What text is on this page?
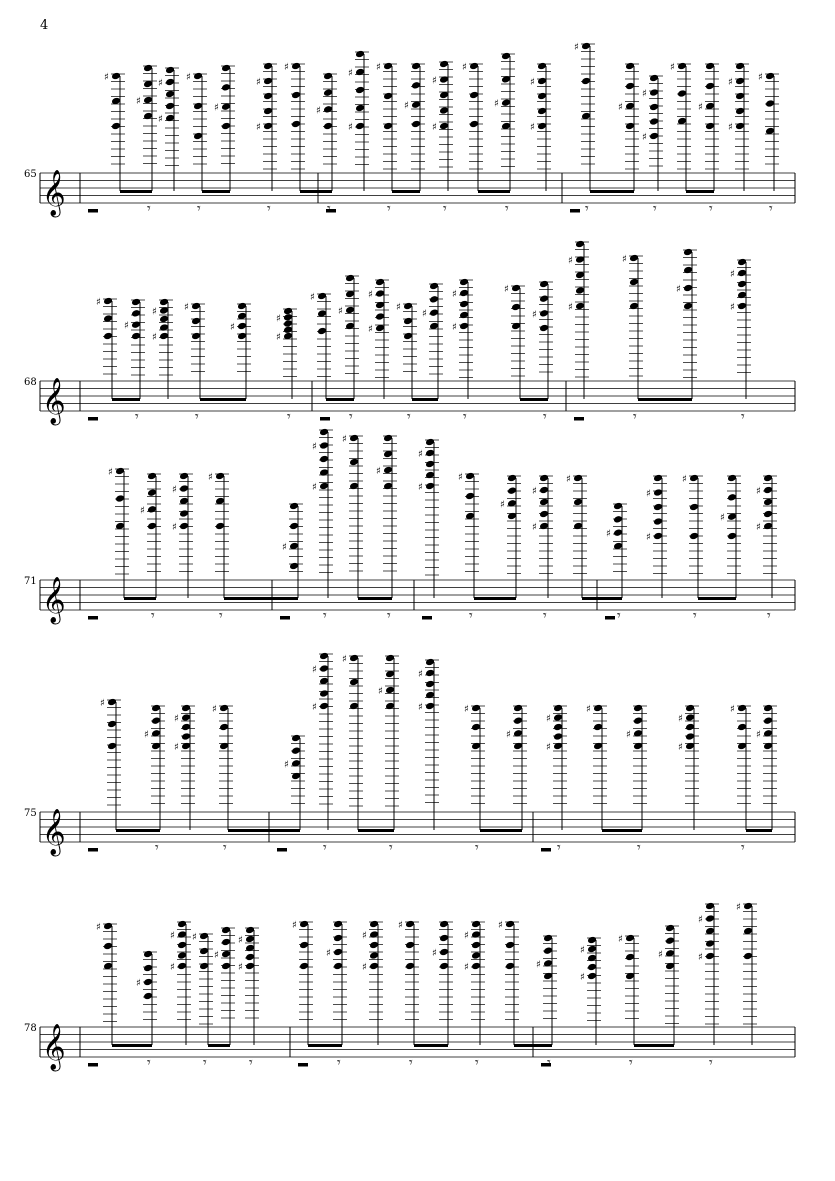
4
65
68
71
75
78
𝄞
♯
♯
𝄾
♯
♯
♯
𝄾
♯
♯
♯
𝄾
♯
♯
♯
♯
♯
𝄾
♯
♯
♯
𝄾
♯
♯
𝄾
♯
♯
♯
𝄾
♯
♯
♯
𝄾
♯
♯
𝄾
♯
♯
♯
𝄾
𝄞
♯
♯
𝄾
♯
♯
♯
𝄾
♯
♯
♯
𝄾
♯
♯
𝄾
♯
♯
♯
𝄾
♯
♯
♯
𝄾
♯
♯
𝄾
♯
♯
♯
𝄾
♯
♯
♯
𝄾
𝄞
♯
♯
𝄾
♯
♯
♯
𝄾
♯
♯
♯
𝄾
♯
♯
𝄾
♯
♯
♯
𝄾
♯
♯
♯
𝄾
♯
♯
𝄾
♯
♯
♯
𝄾
♯
♯
♯
𝄾
𝄞
♯
♯
𝄾
♯
♯
♯
𝄾
♯
♯
♯
𝄾
♯
♯
𝄾
♯
♯	♯
𝄾
♯
♯
♯
𝄾
♯
♯
𝄾
♯
♯
♯
𝄾
♯
𝄞
♯
♯
𝄾
♯
♯
♯
𝄾
♯
♯
♯
𝄾
♯
♯
𝄾
♯
♯
♯
𝄾
♯
♯
♯
𝄾
♯
♯
♯
♯
♯
𝄾
♯
♯
♯
𝄾
♯
